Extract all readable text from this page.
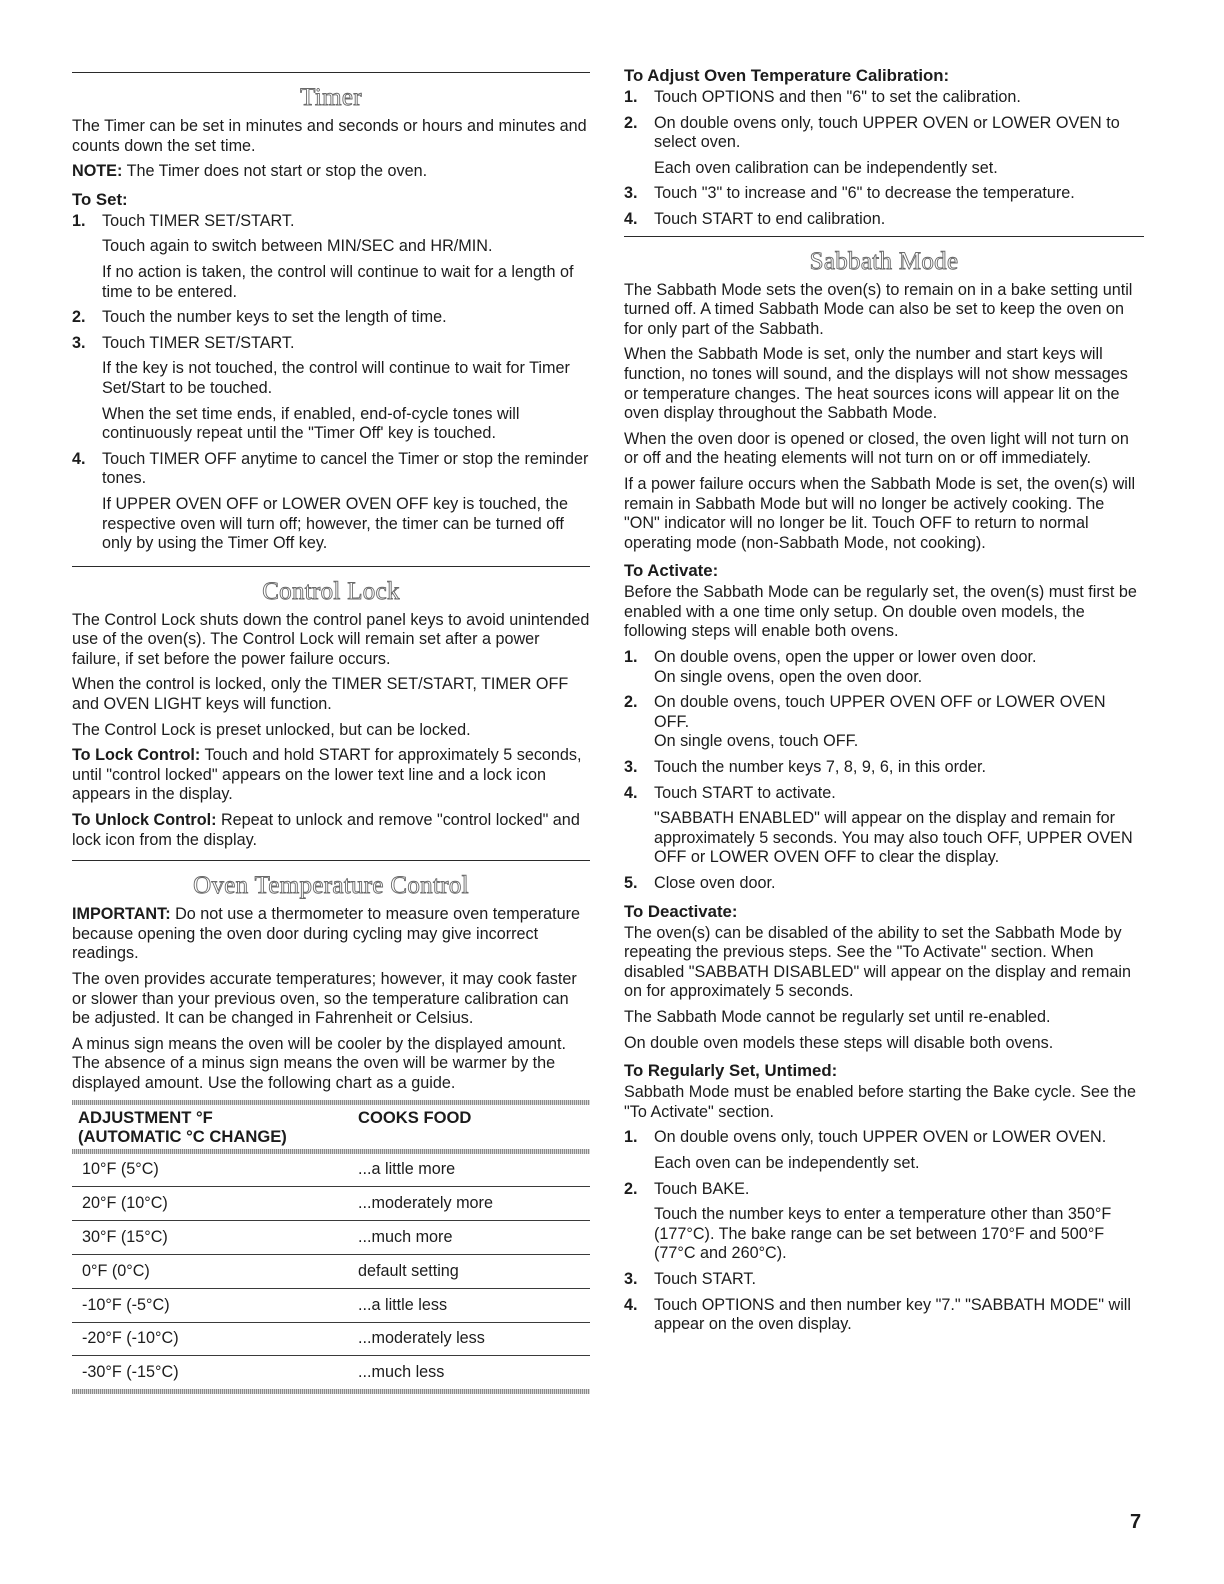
Timer

The Timer can be set in minutes and seconds or hours and minutes and counts down the set time.

NOTE: The Timer does not start or stop the oven.

To Set:
1. Touch TIMER SET/START.
Touch again to switch between MIN/SEC and HR/MIN.
If no action is taken, the control will continue to wait for a length of time to be entered.
2. Touch the number keys to set the length of time.
3. Touch TIMER SET/START.
If the key is not touched, the control will continue to wait for Timer Set/Start to be touched.
When the set time ends, if enabled, end-of-cycle tones will continuously repeat until the "Timer Off' key is touched.
4. Touch TIMER OFF anytime to cancel the Timer or stop the reminder tones.
If UPPER OVEN OFF or LOWER OVEN OFF key is touched, the respective oven will turn off; however, the timer can be turned off only by using the Timer Off key.
Control Lock

The Control Lock shuts down the control panel keys to avoid unintended use of the oven(s). The Control Lock will remain set after a power failure, if set before the power failure occurs.

When the control is locked, only the TIMER SET/START, TIMER OFF and OVEN LIGHT keys will function.

The Control Lock is preset unlocked, but can be locked.

To Lock Control: Touch and hold START for approximately 5 seconds, until "control locked" appears on the lower text line and a lock icon appears in the display.

To Unlock Control: Repeat to unlock and remove "control locked" and lock icon from the display.

Oven Temperature Control

IMPORTANT: Do not use a thermometer to measure oven temperature because opening the oven door during cycling may give incorrect readings.

The oven provides accurate temperatures; however, it may cook faster or slower than your previous oven, so the temperature calibration can be adjusted. It can be changed in Fahrenheit or Celsius.

A minus sign means the oven will be cooler by the displayed amount. The absence of a minus sign means the oven will be warmer by the displayed amount. Use the following chart as a guide.

ADJUSTMENT °F
(AUTOMATIC °C CHANGE)
COOKS FOOD
10°F (5°C)	...a little more
20°F (10°C)	...moderately more
30°F (15°C)	...much more
0°F (0°C)	default setting
-10°F (-5°C)	...a little less
-20°F (-10°C)	...moderately less
-30°F (-15°C)	...much less
To Adjust Oven Temperature Calibration:
1. Touch OPTIONS and then "6" to set the calibration.
2. On double ovens only, touch UPPER OVEN or LOWER OVEN to select oven.
Each oven calibration can be independently set.
3. Touch "3" to increase and "6" to decrease the temperature.
4. Touch START to end calibration.
Sabbath Mode

The Sabbath Mode sets the oven(s) to remain on in a bake setting until turned off. A timed Sabbath Mode can also be set to keep the oven on for only part of the Sabbath.

When the Sabbath Mode is set, only the number and start keys will function, no tones will sound, and the displays will not show messages or temperature changes. The heat sources icons will appear lit on the oven display throughout the Sabbath Mode.

When the oven door is opened or closed, the oven light will not turn on or off and the heating elements will not turn on or off immediately.

If a power failure occurs when the Sabbath Mode is set, the oven(s) will remain in Sabbath Mode but will no longer be actively cooking. The "ON" indicator will no longer be lit. Touch OFF to return to normal operating mode (non-Sabbath Mode, not cooking).

To Activate:

Before the Sabbath Mode can be regularly set, the oven(s) must first be enabled with a one time only setup. On double oven models, the following steps will enable both ovens.

1. On double ovens, open the upper or lower oven door.
On single ovens, open the oven door.
2. On double ovens, touch UPPER OVEN OFF or LOWER OVEN OFF.
On single ovens, touch OFF.
3. Touch the number keys 7, 8, 9, 6, in this order.
4. Touch START to activate.
"SABBATH ENABLED" will appear on the display and remain for approximately 5 seconds. You may also touch OFF, UPPER OVEN OFF or LOWER OVEN OFF to clear the display.
5. Close oven door.
To Deactivate:

The oven(s) can be disabled of the ability to set the Sabbath Mode by repeating the previous steps. See the "To Activate" section. When disabled "SABBATH DISABLED" will appear on the display and remain on for approximately 5 seconds.

The Sabbath Mode cannot be regularly set until re-enabled.

On double oven models these steps will disable both ovens.

To Regularly Set, Untimed:

Sabbath Mode must be enabled before starting the Bake cycle. See the "To Activate" section.

1. On double ovens only, touch UPPER OVEN or LOWER OVEN.
Each oven can be independently set.
2. Touch BAKE.
Touch the number keys to enter a temperature other than 350°F (177°C). The bake range can be set between 170°F and 500°F (77°C and 260°C).
3. Touch START.
4. Touch OPTIONS and then number key "7." "SABBATH MODE" will appear on the oven display.
7
